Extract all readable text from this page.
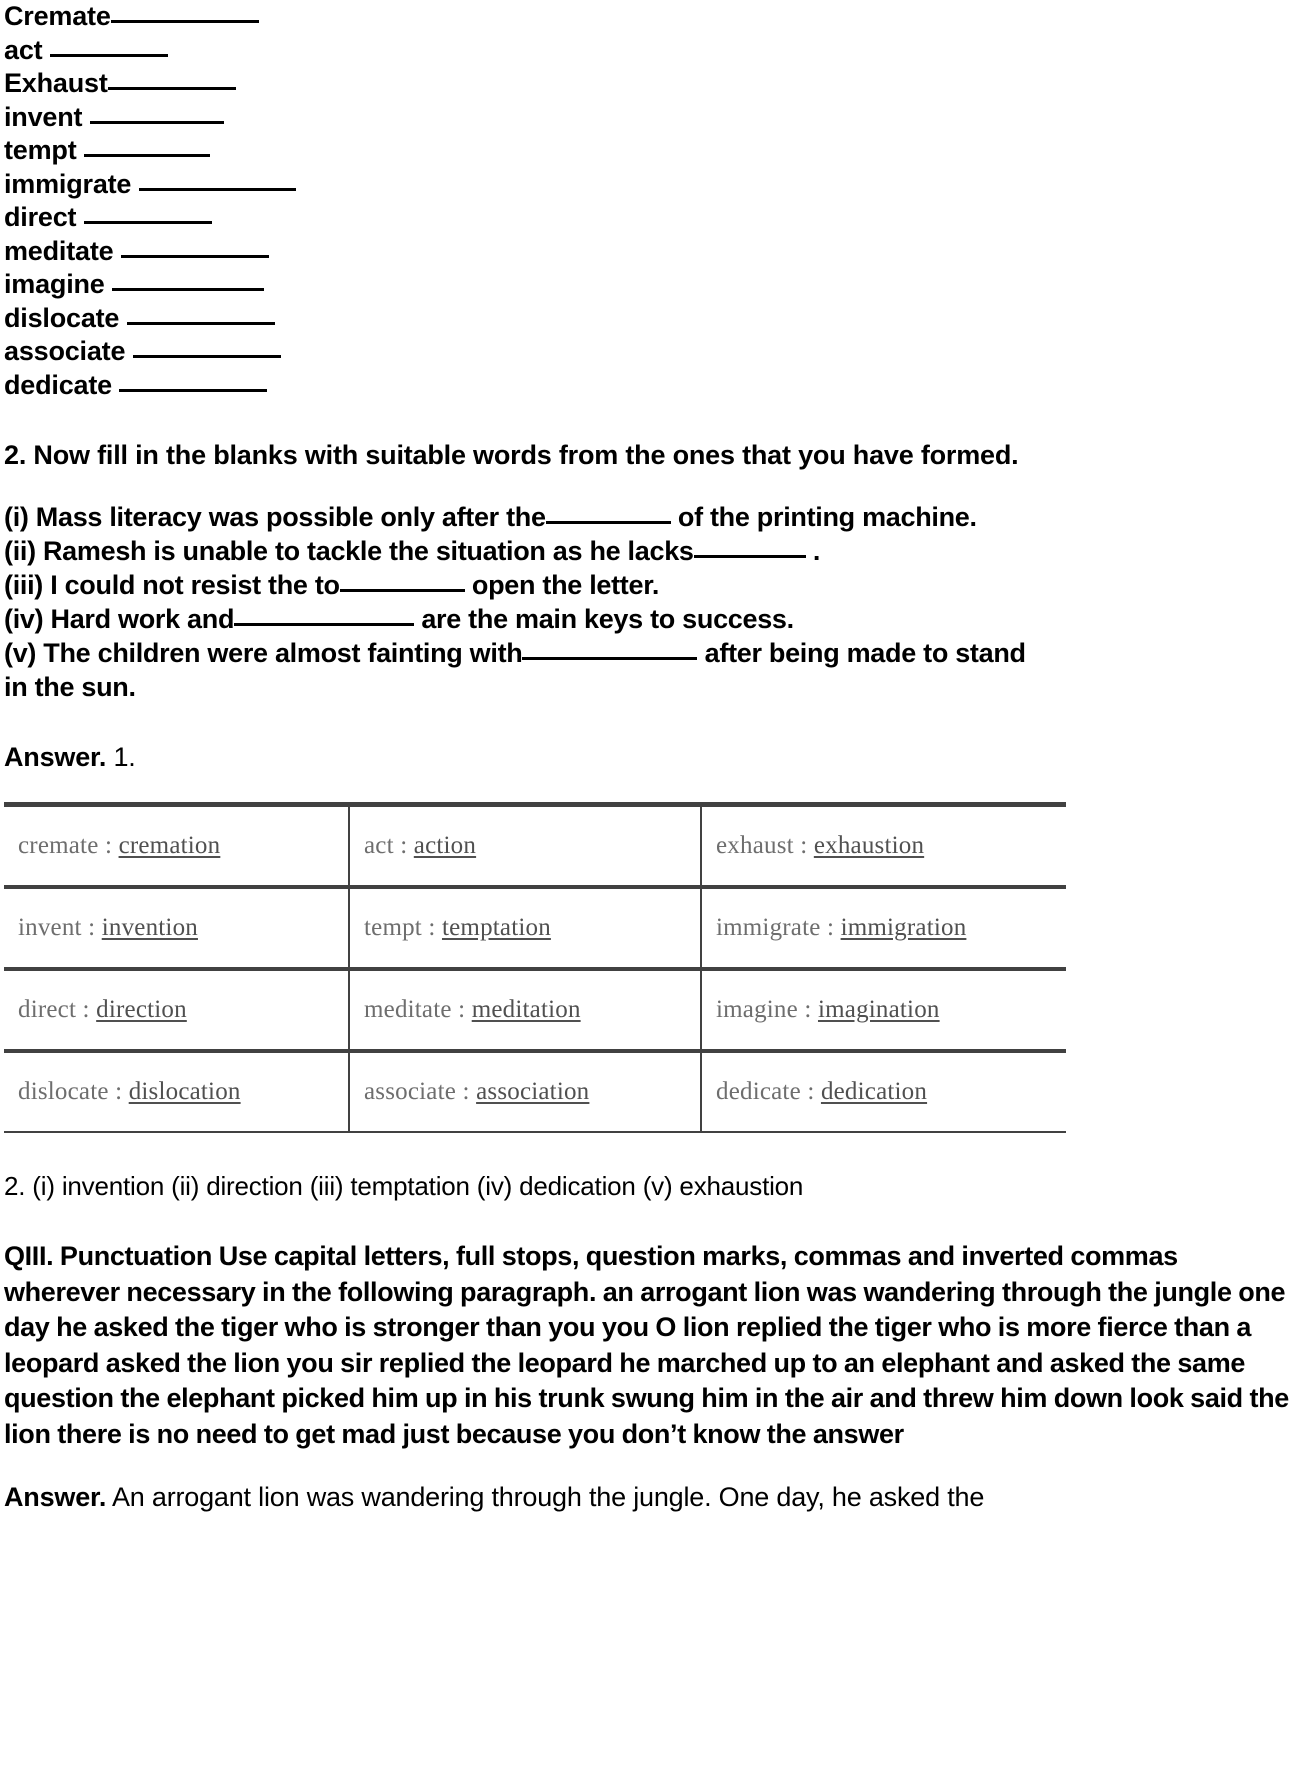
Cremate
act
Exhaust
invent
tempt
immigrate
direct
meditate
imagine
dislocate
associate
dedicate

2. Now fill in the blanks with suitable words from the ones that you have formed.

(i) Mass literacy was possible only after the	of the printing machine.

(ii) Ramesh is unable to tackle the situation as he lacks	.

(iii) I could not resist the to	open the letter.

(iv) Hard work and	are the main keys to success.

(v) The children were almost fainting with	after being made to stand

in the sun.

Answer. 1.

cremate : cremation	act : action	exhaust : exhaustion
invent : invention	tempt : temptation	immigrate : immigration
direct : direction	meditate : meditation	imagine : imagination
dislocate : dislocation	associate : association	dedicate : dedication

2. (i) invention (ii) direction (iii) temptation (iv) dedication (v) exhaustion

QIII. Punctuation Use capital letters, full stops, question marks, commas and inverted commas wherever necessary in the following paragraph. an arrogant lion was wandering through the jungle one day he asked the tiger who is stronger than you you O lion replied the tiger who is more fierce than a leopard asked the lion you sir replied the leopard he marched up to an elephant and asked the same question the elephant picked him up in his trunk swung him in the air and threw him down look said the lion there is no need to get mad just because you don’t know the answer

Answer. An arrogant lion was wandering through the jungle. One day, he asked the
